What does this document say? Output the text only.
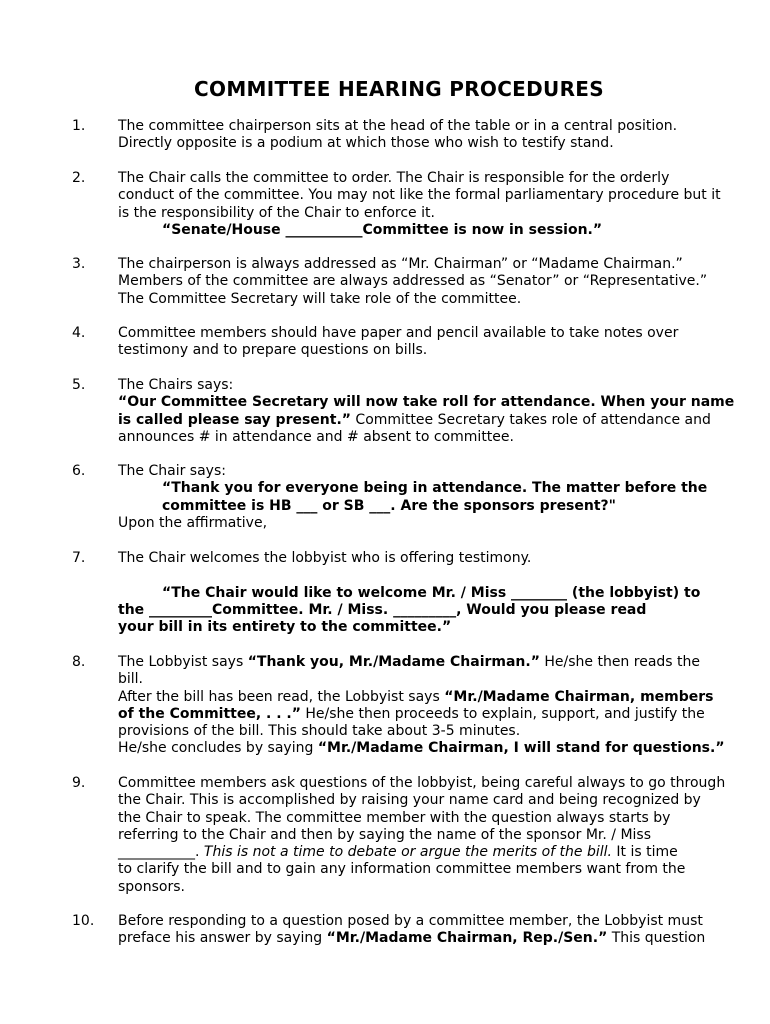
COMMITTEE HEARING PROCEDURES
1. The committee chairperson sits at the head of the table or in a central position.
Directly opposite is a podium at which those who wish to testify stand.
2. The Chair calls the committee to order. The Chair is responsible for the orderly
conduct of the committee. You may not like the formal parliamentary procedure but it
is the responsibility of the Chair to enforce it.
“Senate/House ___________Committee is now in session.”
3. The chairperson is always addressed as “Mr. Chairman” or “Madame Chairman.”
Members of the committee are always addressed as “Senator” or “Representative.”
The Committee Secretary will take role of the committee.
4. Committee members should have paper and pencil available to take notes over
testimony and to prepare questions on bills.
5. The Chairs says:
“Our Committee Secretary will now take roll for attendance. When your name
is called please say present.” Committee Secretary takes role of attendance and
announces # in attendance and # absent to committee.
6. The Chair says:
“Thank you for everyone being in attendance. The matter before the
committee is HB ___ or SB ___. Are the sponsors present?"
Upon the affirmative,
7. The Chair welcomes the lobbyist who is offering testimony.
“The Chair would like to welcome Mr. / Miss ________ (the lobbyist) to
the _________Committee. Mr. / Miss. _________, Would you please read
your bill in its entirety to the committee.”
8. The Lobbyist says “Thank you, Mr./Madame Chairman.” He/she then reads the
bill.
After the bill has been read, the Lobbyist says “Mr./Madame Chairman, members
of the Committee, . . .” He/she then proceeds to explain, support, and justify the
provisions of the bill. This should take about 3-5 minutes.
He/she concludes by saying “Mr./Madame Chairman, I will stand for questions.”
9. Committee members ask questions of the lobbyist, being careful always to go through
the Chair. This is accomplished by raising your name card and being recognized by
the Chair to speak. The committee member with the question always starts by
referring to the Chair and then by saying the name of the sponsor Mr. / Miss
___________. This is not a time to debate or argue the merits of the bill. It is time
to clarify the bill and to gain any information committee members want from the
sponsors.
10. Before responding to a question posed by a committee member, the Lobbyist must
preface his answer by saying “Mr./Madame Chairman, Rep./Sen.” This question
